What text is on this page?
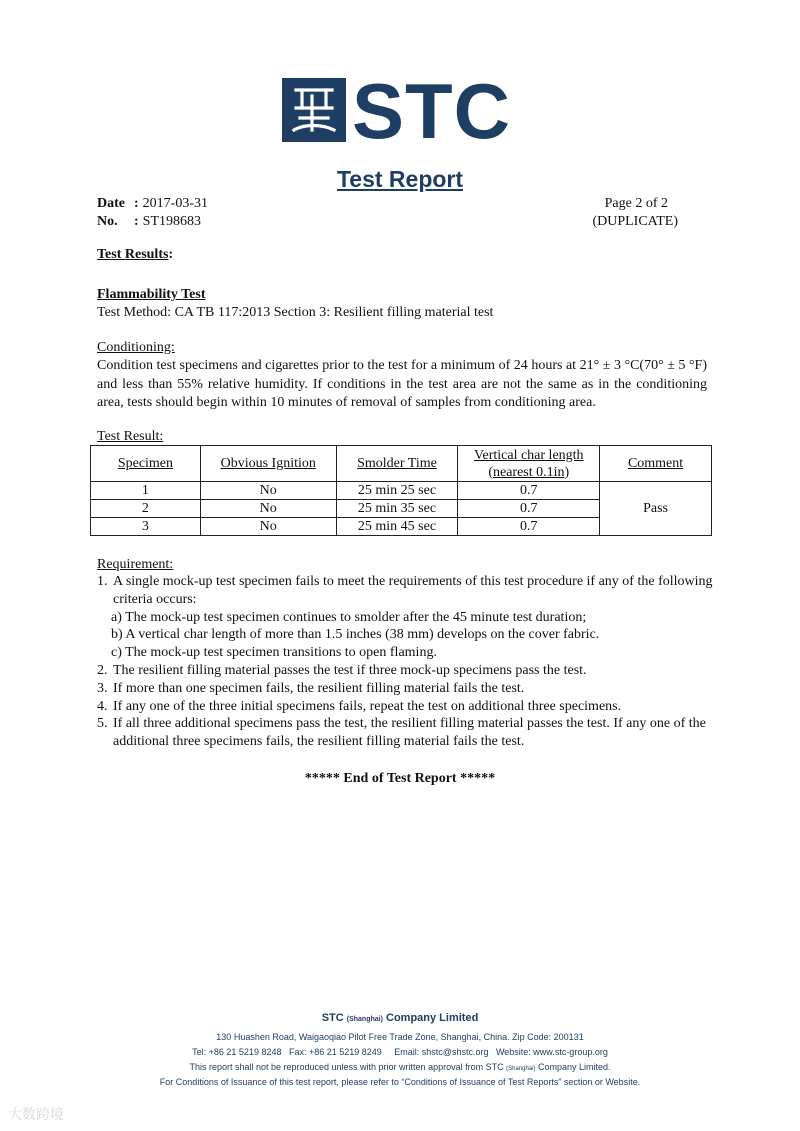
STC
Test Report
Date : 2017-03-31
No. : ST198683
Page 2 of 2
(DUPLICATE)
Test Results:
Flammability Test
Test Method: CA TB 117:2013 Section 3: Resilient filling material test
Conditioning:
Condition test specimens and cigarettes prior to the test for a minimum of 24 hours at 21° ± 3 °C(70° ± 5 °F) and less than 55% relative humidity. If conditions in the test area are not the same as in the conditioning area, tests should begin within 10 minutes of removal of samples from conditioning area.
Test Result:
Specimen	Obvious Ignition	Smolder Time	Vertical char length
(nearest 0.1in)	Comment
1	No	25 min 25 sec	0.7	Pass
2	No	25 min 35 sec	0.7	
3	No	25 min 45 sec	0.7	
Requirement:
1. A single mock-up test specimen fails to meet the requirements of this test procedure if any of the following criteria occurs:
a) The mock-up test specimen continues to smolder after the 45 minute test duration;
b) A vertical char length of more than 1.5 inches (38 mm) develops on the cover fabric.
c) The mock-up test specimen transitions to open flaming.
2. The resilient filling material passes the test if three mock-up specimens pass the test.
3. If more than one specimen fails, the resilient filling material fails the test.
4. If any one of the three initial specimens fails, repeat the test on additional three specimens.
5. If all three additional specimens pass the test, the resilient filling material passes the test. If any one of the additional three specimens fails, the resilient filling material fails the test.
***** End of Test Report *****
STC (Shanghai) Company Limited
130 Huashen Road, Waigaoqiao Pilot Free Trade Zone, Shanghai, China. Zip Code: 200131
Tel: +86 21 5219 8248   Fax: +86 21 5219 8249     Email: shstc@shstc.org   Website: www.stc-group.org
This report shall not be reproduced unless with prior written approval from STC (Shanghai) Company Limited.
For Conditions of Issuance of this test report, please refer to “Conditions of Issuance of Test Reports” section or Website.
大数跨境
